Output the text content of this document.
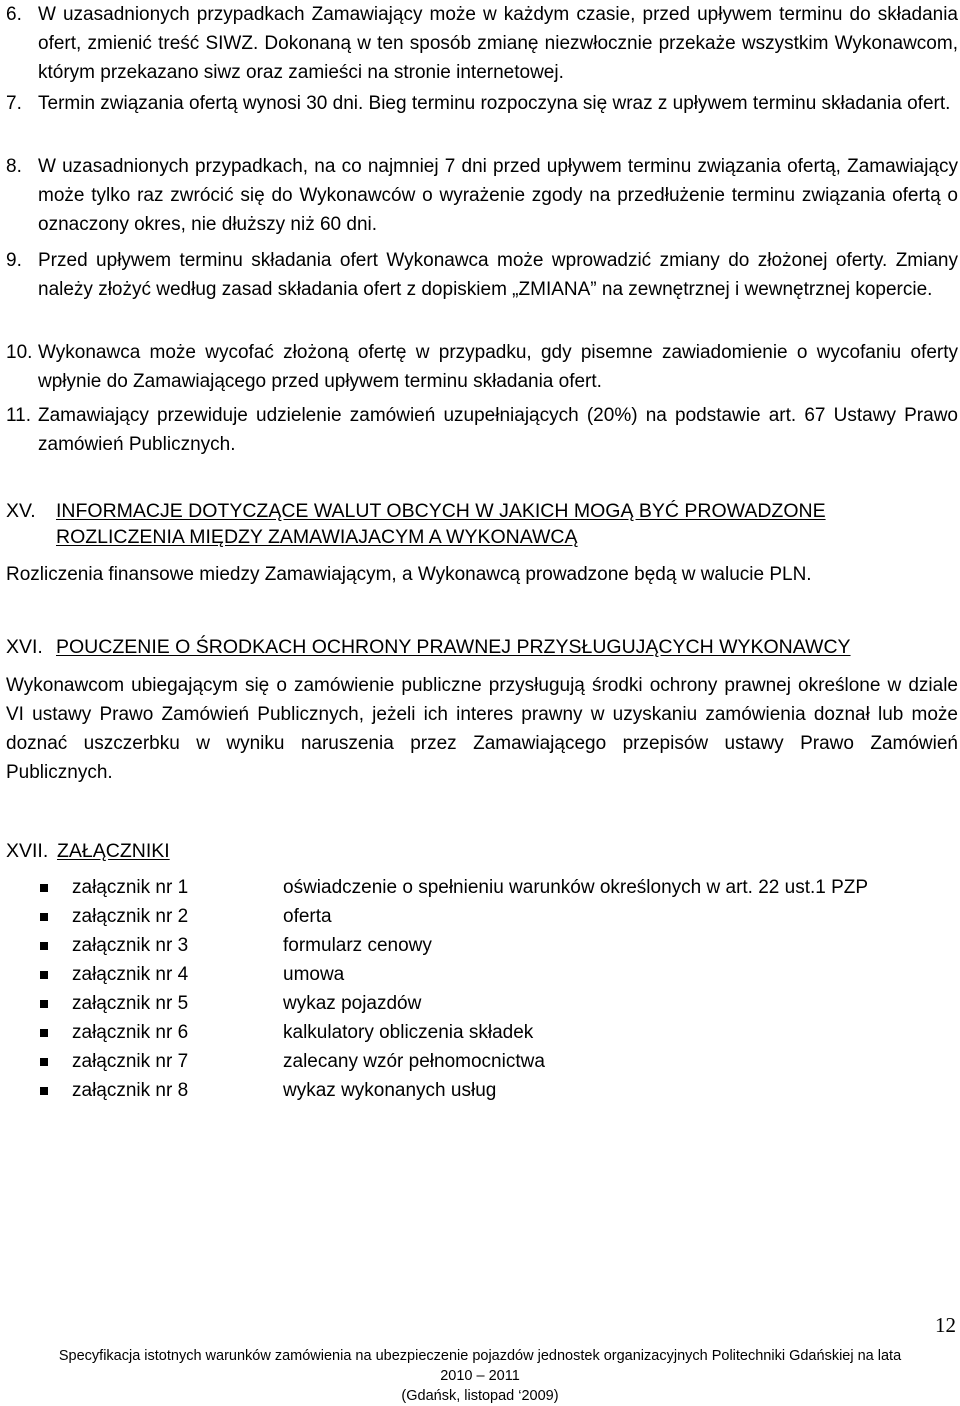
6. W uzasadnionych przypadkach Zamawiający może w każdym czasie, przed upływem terminu do składania ofert, zmienić treść SIWZ. Dokonaną w ten sposób zmianę niezwłocznie przekaże wszystkim Wykonawcom, którym przekazano siwz oraz zamieści na stronie internetowej.
7. Termin związania ofertą wynosi 30 dni. Bieg terminu rozpoczyna się wraz z upływem terminu składania ofert.
8. W uzasadnionych przypadkach, na co najmniej 7 dni przed upływem terminu związania ofertą, Zamawiający może tylko raz zwrócić się do Wykonawców o wyrażenie zgody na przedłużenie terminu związania ofertą o oznaczony okres, nie dłuższy niż 60 dni.
9. Przed upływem terminu składania ofert Wykonawca może wprowadzić zmiany do złożonej oferty. Zmiany należy złożyć według zasad składania ofert z dopiskiem „ZMIANA” na zewnętrznej i wewnętrznej kopercie.
10. Wykonawca może wycofać złożoną ofertę w przypadku, gdy pisemne zawiadomienie o wycofaniu oferty wpłynie do Zamawiającego przed upływem terminu składania ofert.
11. Zamawiający przewiduje udzielenie zamówień uzupełniających (20%) na podstawie art. 67 Ustawy Prawo zamówień Publicznych.
XV. INFORMACJE DOTYCZĄCE WALUT OBCYCH W JAKICH MOGĄ BYĆ PROWADZONE ROZLICZENIA MIĘDZY ZAMAWIAJACYM A WYKONAWCĄ
Rozliczenia finansowe miedzy Zamawiającym, a Wykonawcą prowadzone będą w walucie PLN.
XVI. POUCZENIE O ŚRODKACH OCHRONY PRAWNEJ PRZYSŁUGUJĄCYCH WYKONAWCY
Wykonawcom ubiegającym się o zamówienie publiczne przysługują środki ochrony prawnej określone w dziale VI ustawy Prawo Zamówień Publicznych, jeżeli ich interes prawny w uzyskaniu zamówienia doznał lub może doznać uszczerbku w wyniku naruszenia przez Zamawiającego przepisów ustawy Prawo Zamówień Publicznych.
XVII. ZAŁĄCZNIKI
załącznik nr 1	oświadczenie o spełnieniu warunków określonych w art. 22 ust.1 PZP
załącznik nr 2	oferta
załącznik nr 3	formularz cenowy
załącznik nr 4	umowa
załącznik nr 5	wykaz pojazdów
załącznik nr 6	kalkulatory obliczenia składek
załącznik nr 7	zalecany wzór pełnomocnictwa
załącznik nr 8	wykaz wykonanych usług
12
Specyfikacja istotnych warunków zamówienia na ubezpieczenie pojazdów jednostek organizacyjnych Politechniki Gdańskiej na lata
2010 – 2011
(Gdańsk, listopad ‘2009)
